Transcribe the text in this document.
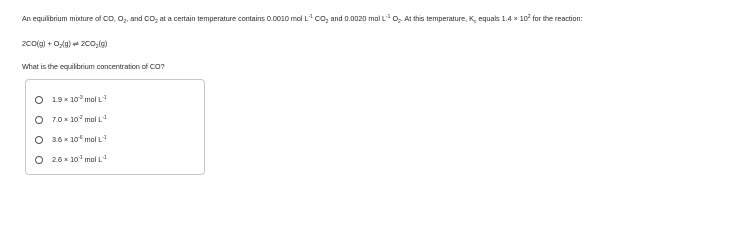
An equilibrium mixture of CO, $O_2$, and $CO_2$ at a certain temperature contains 0.0010 mol $L^{-1}$ $CO_2$ and 0.0020 mol $L^{-1}$ $O_2$. At this temperature, $K_c$ equals $1.4 \times 10^2$ for the reaction:
$2CO(g) + O_2(g)$ ⇌ $2CO_2(g)$
What is the equilibrium concentration of CO?
$1.9 \times 10^{-3}$ mol $L^{-1}$
$7.0 \times 10^{-2}$ mol $L^{-1}$
$3.6 \times 10^{-6}$ mol $L^{-1}$
$2.6 \times 10^{-1}$ mol $L^{-1}$
